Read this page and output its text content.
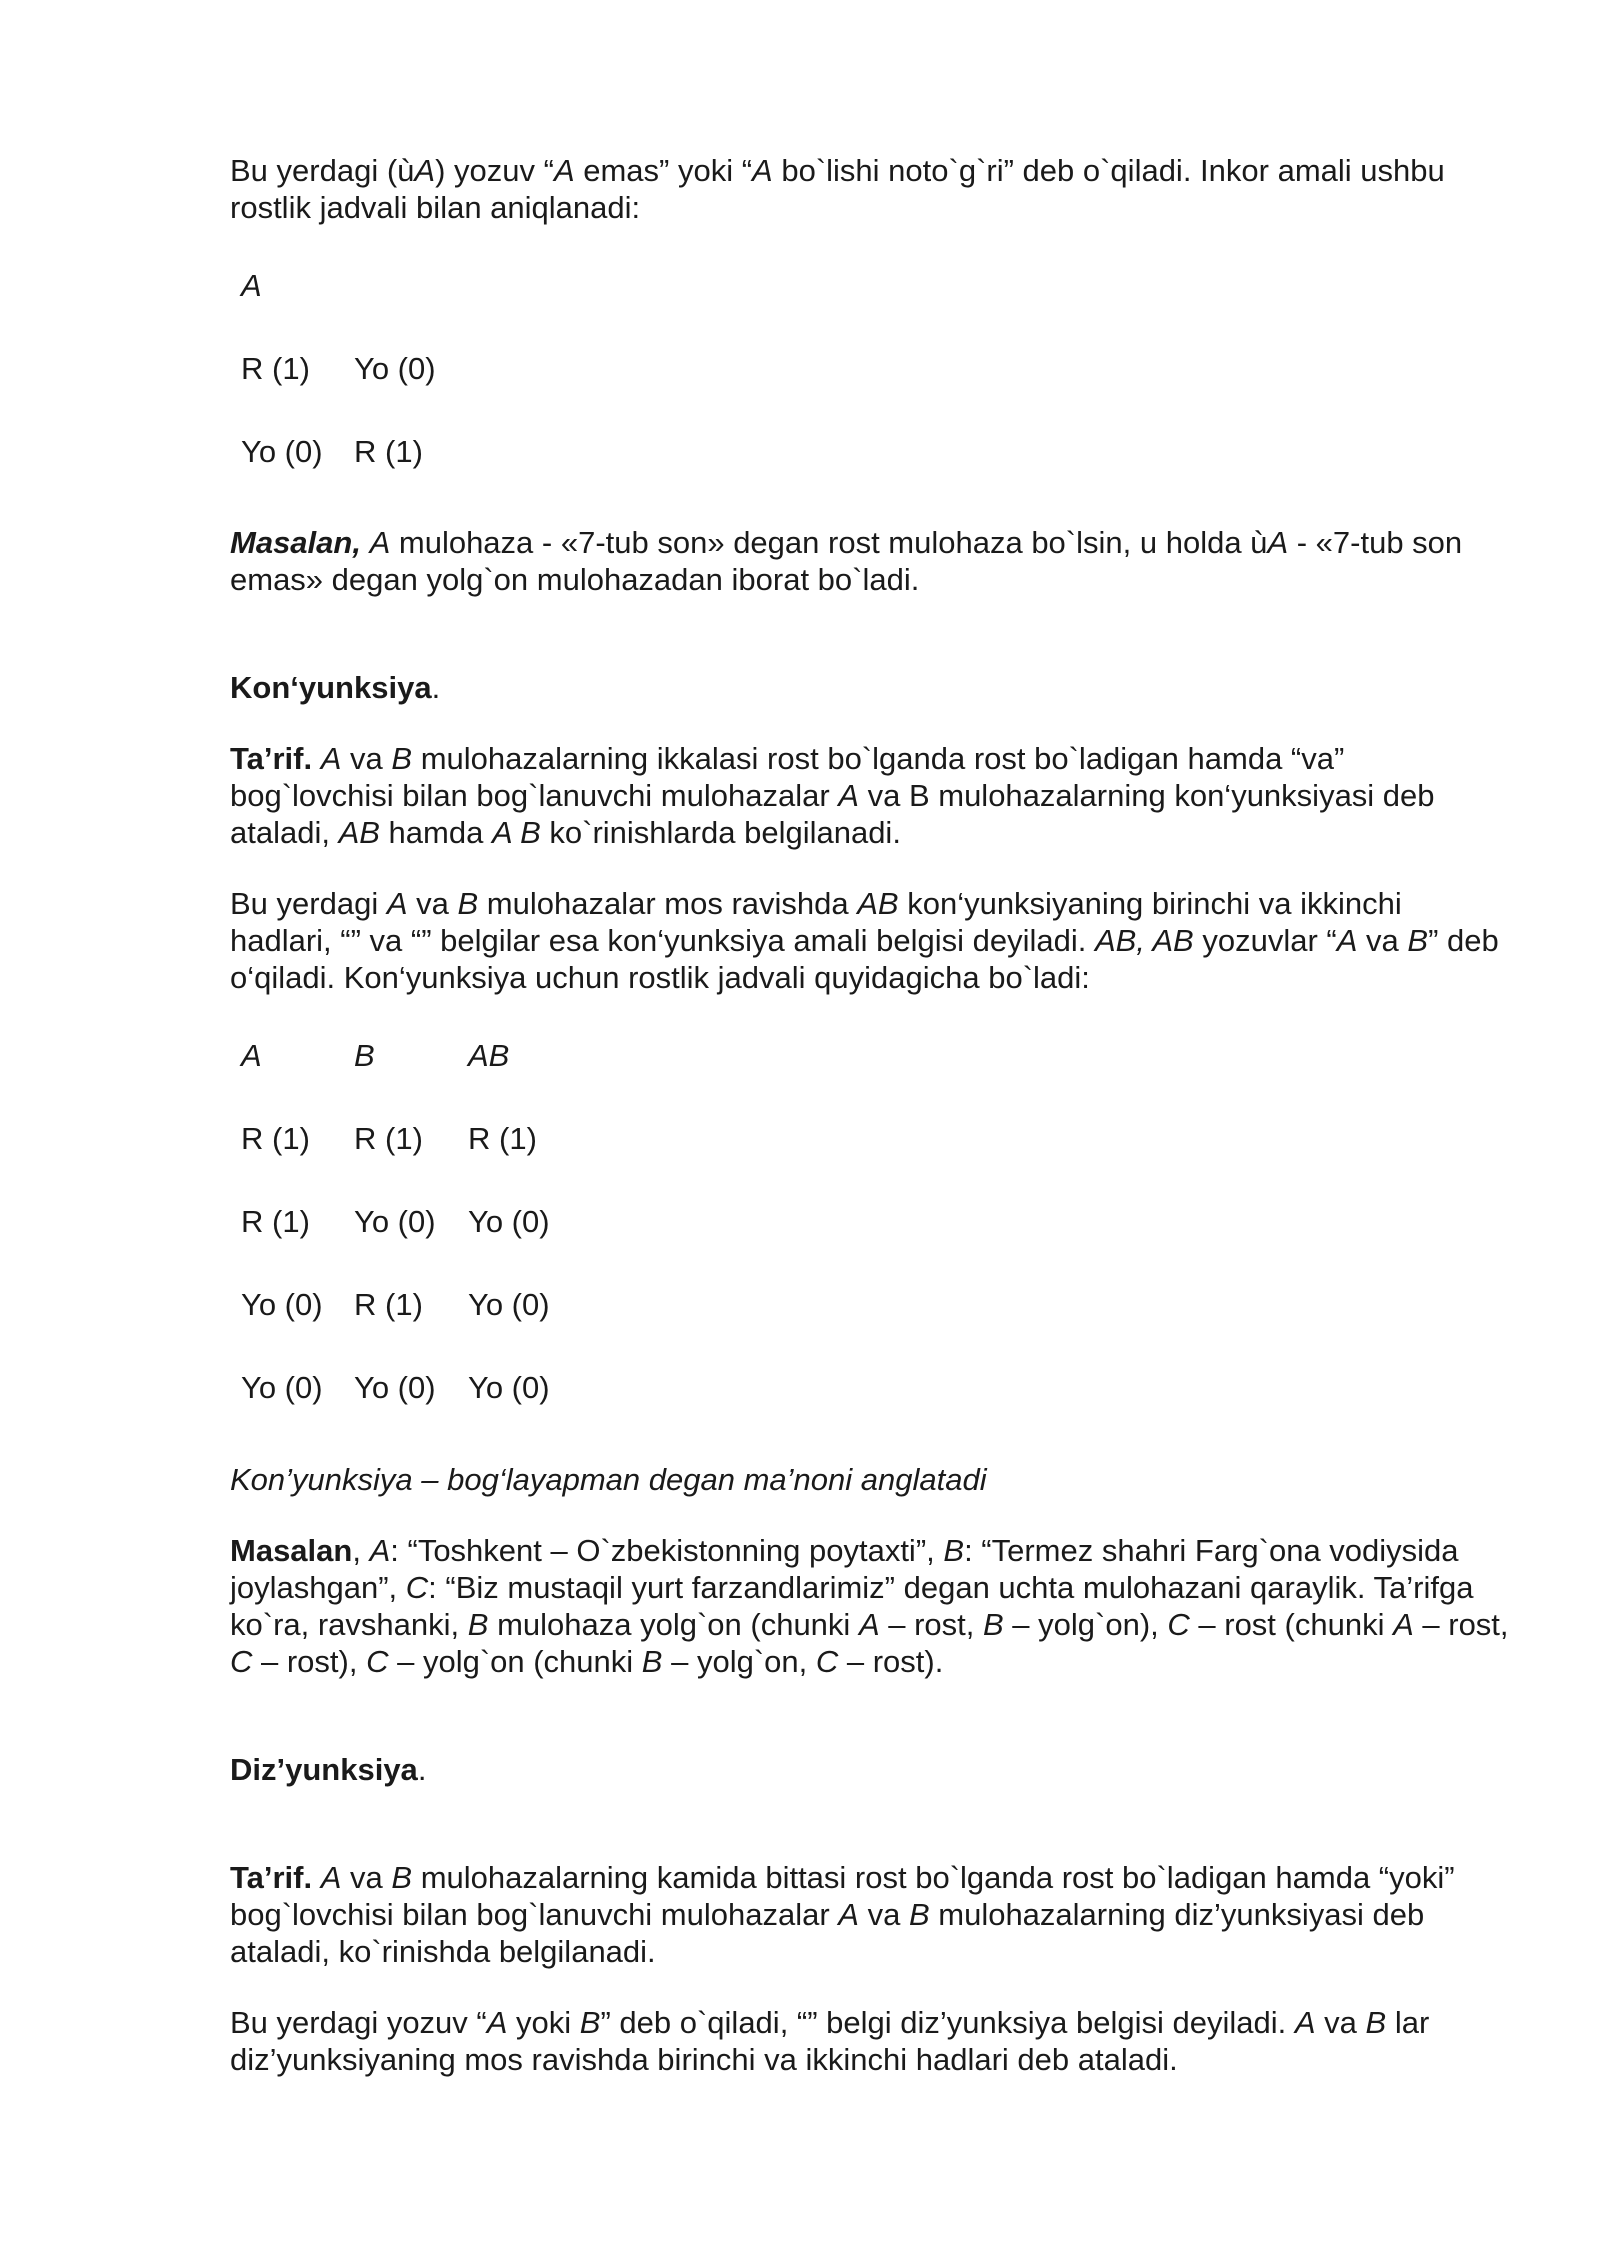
Bu yerdagi (ùA) yozuv “A emas” yoki “A bo`lishi noto`g`ri” deb o`qiladi. Inkor amali ushbu rostlik jadvali bilan aniqlanadi:

A
R (1)	Yo (0)
Yo (0)	R (1)

Masalan, A mulohaza - «7-tub son» degan rost mulohaza bo`lsin, u holda ùA - «7-tub son emas» degan yolg`on mulohazadan iborat bo`ladi.

Kon‘yunksiya.

Ta’rif. A va B mulohazalarning ikkalasi rost bo`lganda rost bo`ladigan hamda “va” bog`lovchisi bilan bog`lanuvchi mulohazalar A va B mulohazalarning kon‘yunksiyasi deb ataladi, AB hamda A B ko`rinishlarda belgilanadi.

Bu yerdagi A va B mulohazalar mos ravishda AB kon‘yunksiyaning birinchi va ikkinchi hadlari, “” va “” belgilar esa kon‘yunksiya amali belgisi deyiladi. AB, AB yozuvlar “A va B” deb o‘qiladi. Kon‘yunksiya uchun rostlik jadvali quyidagicha bo`ladi:

A	B	AB
R (1)	R (1)	R (1)
R (1)	Yo (0)	Yo (0)
Yo (0)	R (1)	Yo (0)
Yo (0)	Yo (0)	Yo (0)

Kon’yunksiya – bog‘layapman degan ma’noni anglatadi

Masalan, A: “Toshkent – O`zbekistonning poytaxti”, B: “Termez shahri Farg`ona vodiysida joylashgan”, C: “Biz mustaqil yurt farzandlarimiz” degan uchta mulohazani qaraylik. Ta’rifga ko`ra, ravshanki, B mulohaza yolg`on (chunki A – rost, B – yolg`on), C – rost (chunki A – rost, C – rost), C – yolg`on (chunki B – yolg`on, C – rost).

Diz’yunksiya.

Ta’rif. A va B mulohazalarning kamida bittasi rost bo`lganda rost bo`ladigan hamda “yoki” bog`lovchisi bilan bog`lanuvchi mulohazalar A va B mulohazalarning diz’yunksiyasi deb ataladi, ko`rinishda belgilanadi.

Bu yerdagi yozuv “A yoki B” deb o`qiladi, “” belgi diz’yunksiya belgisi deyiladi. A va B lar diz’yunksiyaning mos ravishda birinchi va ikkinchi hadlari deb ataladi.
